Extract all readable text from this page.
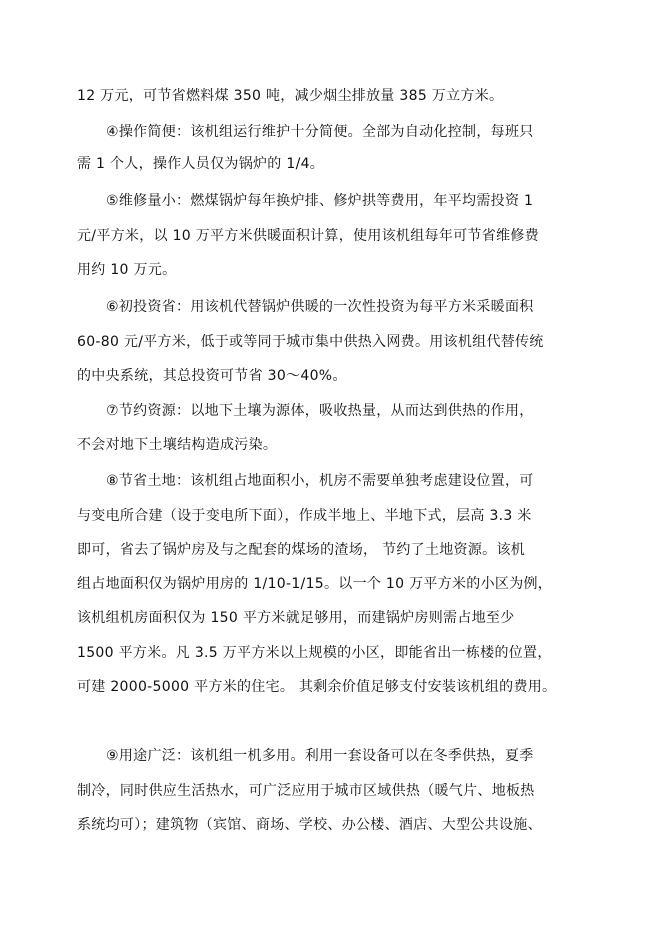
12 万元，可节省燃料煤 350 吨，减少烟尘排放量 385 万立方米。
④操作简便：该机组运行维护十分简便。全部为自动化控制，每班只
需 1 个人，操作人员仅为锅炉的 1/4。
⑤维修量小：燃煤锅炉每年换炉排、修炉拱等费用，年平均需投资 1
元/平方米，以 10 万平方米供暖面积计算，使用该机组每年可节省维修费
用约 10 万元。
⑥初投资省：用该机代替锅炉供暖的一次性投资为每平方米采暖面积
60-80 元/平方米，低于或等同于城市集中供热入网费。用该机组代替传统
的中央系统，其总投资可节省 30～40%。
⑦节约资源：以地下土壤为源体，吸收热量，从而达到供热的作用，
不会对地下土壤结构造成污染。
⑧节省土地：该机组占地面积小，机房不需要单独考虑建设位置，可
与变电所合建（设于变电所下面），作成半地上、半地下式，层高 3.3 米
即可，省去了锅炉房及与之配套的煤场的渣场， 节约了土地资源。该机
组占地面积仅为锅炉用房的 1/10-1/15。以一个 10 万平方米的小区为例，
该机组机房面积仅为 150 平方米就足够用，而建锅炉房则需占地至少
1500 平方米。凡 3.5 万平方米以上规模的小区，即能省出一栋楼的位置，
可建 2000-5000 平方米的住宅。 其剩余价值足够支付安装该机组的费用。
⑨用途广泛：该机组一机多用。利用一套设备可以在冬季供热，夏季
制冷，同时供应生活热水，可广泛应用于城市区域供热（暖气片、地板热
系统均可）；建筑物（宾馆、商场、学校、办公楼、酒店、大型公共设施、
